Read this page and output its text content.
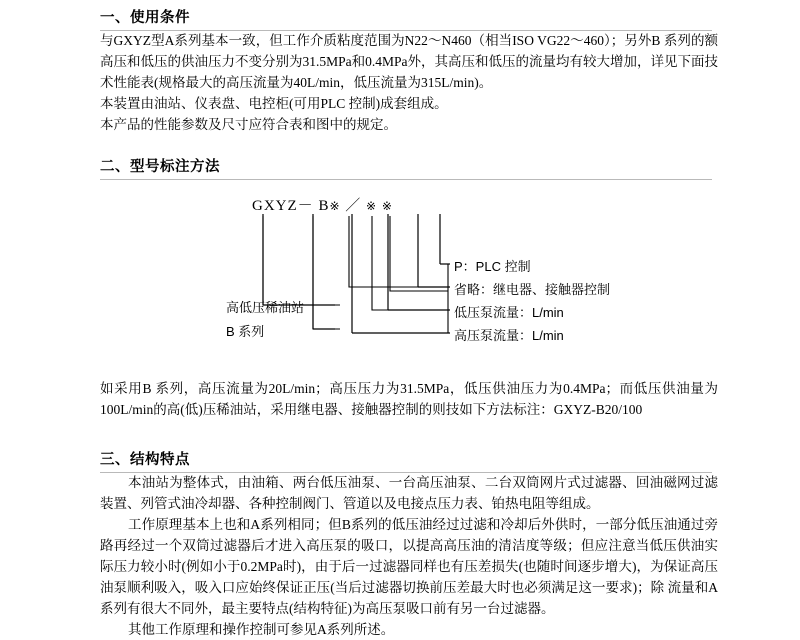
一、使用条件

与GXYZ型A系列基本一致，但工作介质粘度范围为N22～N460（相当ISO VG22～460）；另外B 系列的额高压和低压的供油压力不变分别为31.5MPa和0.4MPa外，其高压和低压的流量均有较大增加，详见下面技术性能表(规格最大的高压流量为40L/min，低压流量为315L/min)。

本装置由油站、仪表盘、电控柜(可用PLC 控制)成套组成。

本产品的性能参数及尺寸应符合表和图中的规定。

二、型号标注方法
GXYZ－ B※ ／ ※ ※
高低压稀油站
B 系列
P：PLC 控制
省略：继电器、接触器控制
低压泵流量：L/min
高压泵流量：L/min

如采用B 系列，高压流量为20L/min；高压压力为31.5MPa，低压供油压力为0.4MPa；而低压供油量为100L/min的高(低)压稀油站，采用继电器、接触器控制的则技如下方法标注：GXYZ-B20/100

三、结构特点

本油站为整体式，由油箱、两台低压油泵、一台高压油泵、二台双筒网片式过滤器、回油磁网过滤装置、列管式油冷却器、各种控制阀门、管道以及电接点压力表、铂热电阻等组成。

工作原理基本上也和A系列相同；但B系列的低压油经过过滤和冷却后外供时，一部分低压油通过旁路再经过一个双筒过滤器后才进入高压泵的吸口，以提高高压油的清洁度等级；但应注意当低压供油实际压力较小时(例如小于0.2MPa时)，由于后一过滤器同样也有压差损失(也随时间逐步增大)，为保证高压油泵顺利吸入，吸入口应始终保证正压(当后过滤器切换前压差最大时也必须满足这一要求)；除 流量和A系列有很大不同外，最主要特点(结构特征)为高压泵吸口前有另一台过滤器。

其他工作原理和操作控制可参见A系列所述。
